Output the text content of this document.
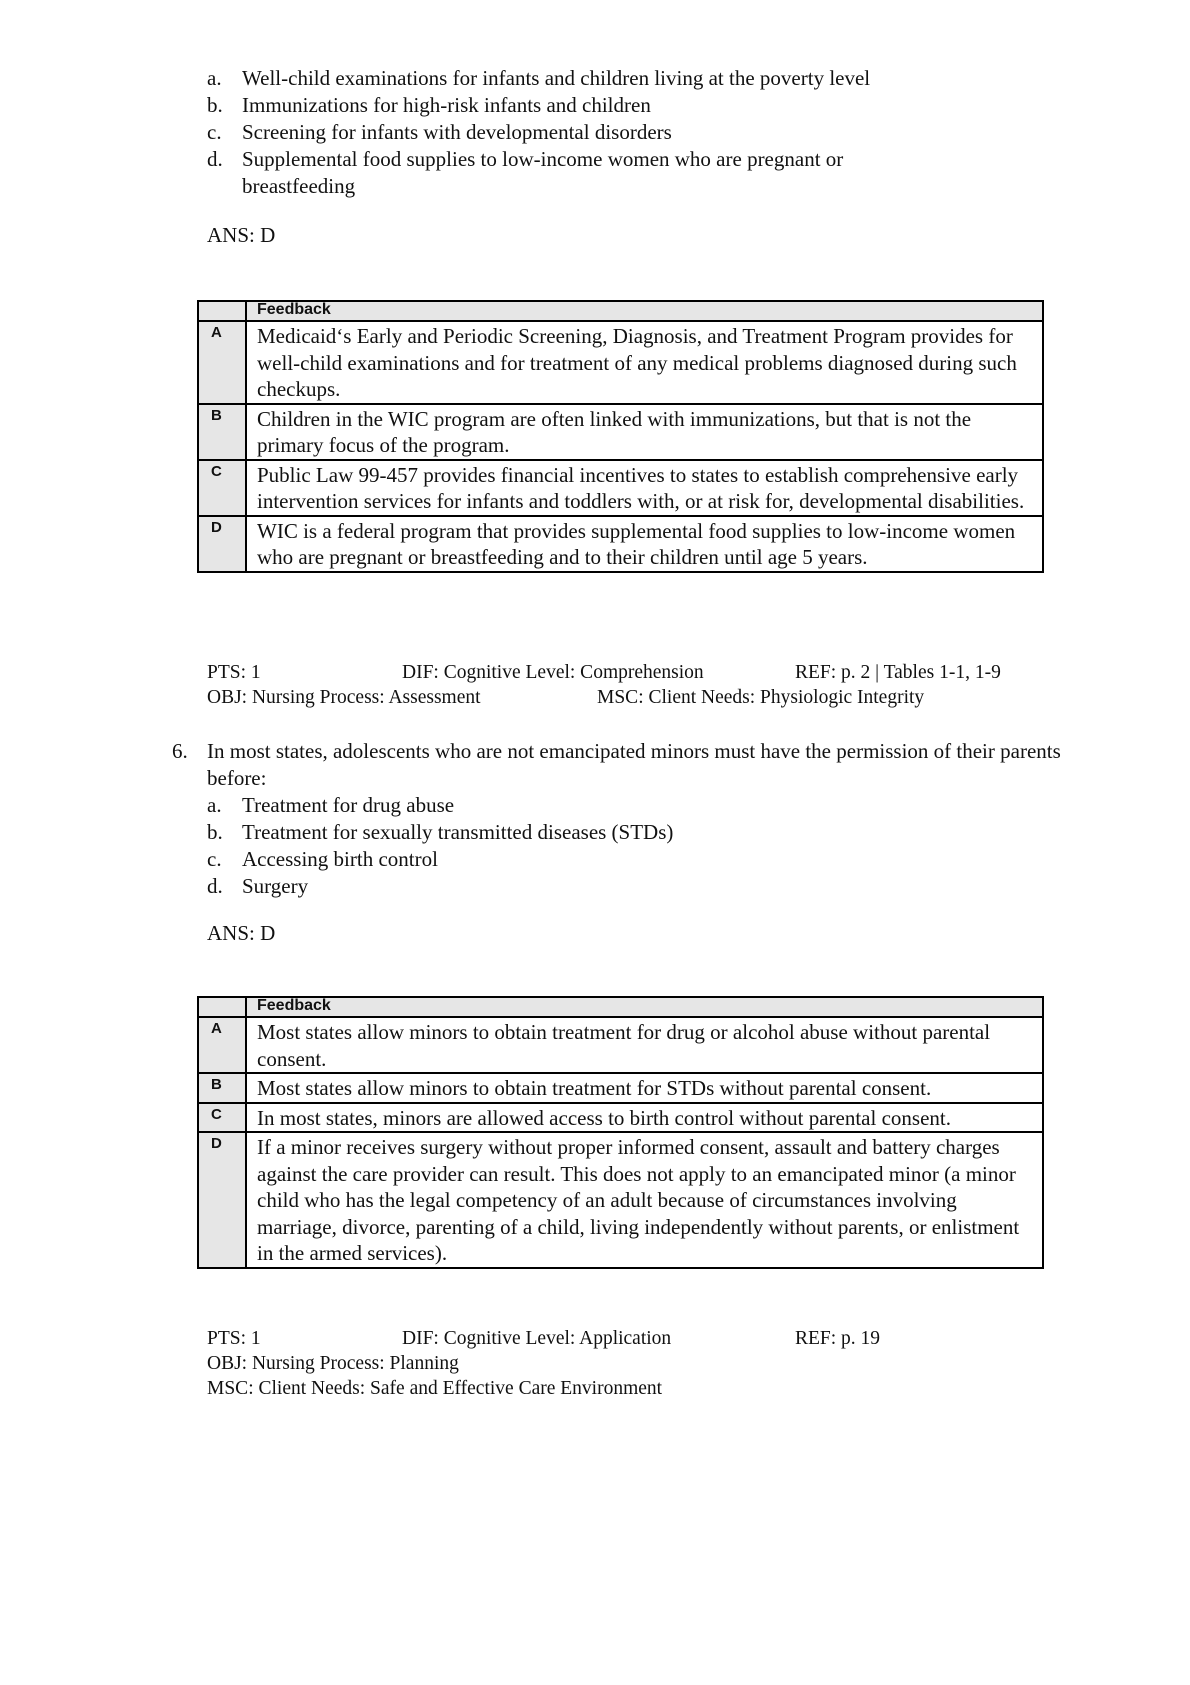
a. Well-child examinations for infants and children living at the poverty level
b. Immunizations for high-risk infants and children
c. Screening for infants with developmental disorders
d. Supplemental food supplies to low-income women who are pregnant or breastfeeding
ANS: D

	Feedback

A	Medicaid‘s Early and Periodic Screening, Diagnosis, and Treatment Program provides for well-child examinations and for treatment of any medical problems diagnosed during such checkups.
B	Children in the WIC program are often linked with immunizations, but that is not the primary focus of the program.
C	Public Law 99-457 provides financial incentives to states to establish comprehensive early intervention services for infants and toddlers with, or at risk for, developmental disabilities.
D	WIC is a federal program that provides supplemental food supplies to low-income women who are pregnant or breastfeeding and to their children until age 5 years.
PTS: 1	DIF: Cognitive Level: Comprehension	REF: p. 2 | Tables 1-1, 1-9
OBJ: Nursing Process: Assessment	MSC: Client Needs: Physiologic Integrity
6. In most states, adolescents who are not emancipated minors must have the permission of their parents before:
a. Treatment for drug abuse
b. Treatment for sexually transmitted diseases (STDs)
c. Accessing birth control
d. Surgery
ANS: D

	Feedback

A	Most states allow minors to obtain treatment for drug or alcohol abuse without parental consent.
B	Most states allow minors to obtain treatment for STDs without parental consent.
C	In most states, minors are allowed access to birth control without parental consent.
D	If a minor receives surgery without proper informed consent, assault and battery charges against the care provider can result. This does not apply to an emancipated minor (a minor child who has the legal competency of an adult because of circumstances involving marriage, divorce, parenting of a child, living independently without parents, or enlistment in the armed services).
PTS: 1	DIF: Cognitive Level: Application	REF: p. 19
OBJ: Nursing Process: Planning
MSC: Client Needs: Safe and Effective Care Environment
